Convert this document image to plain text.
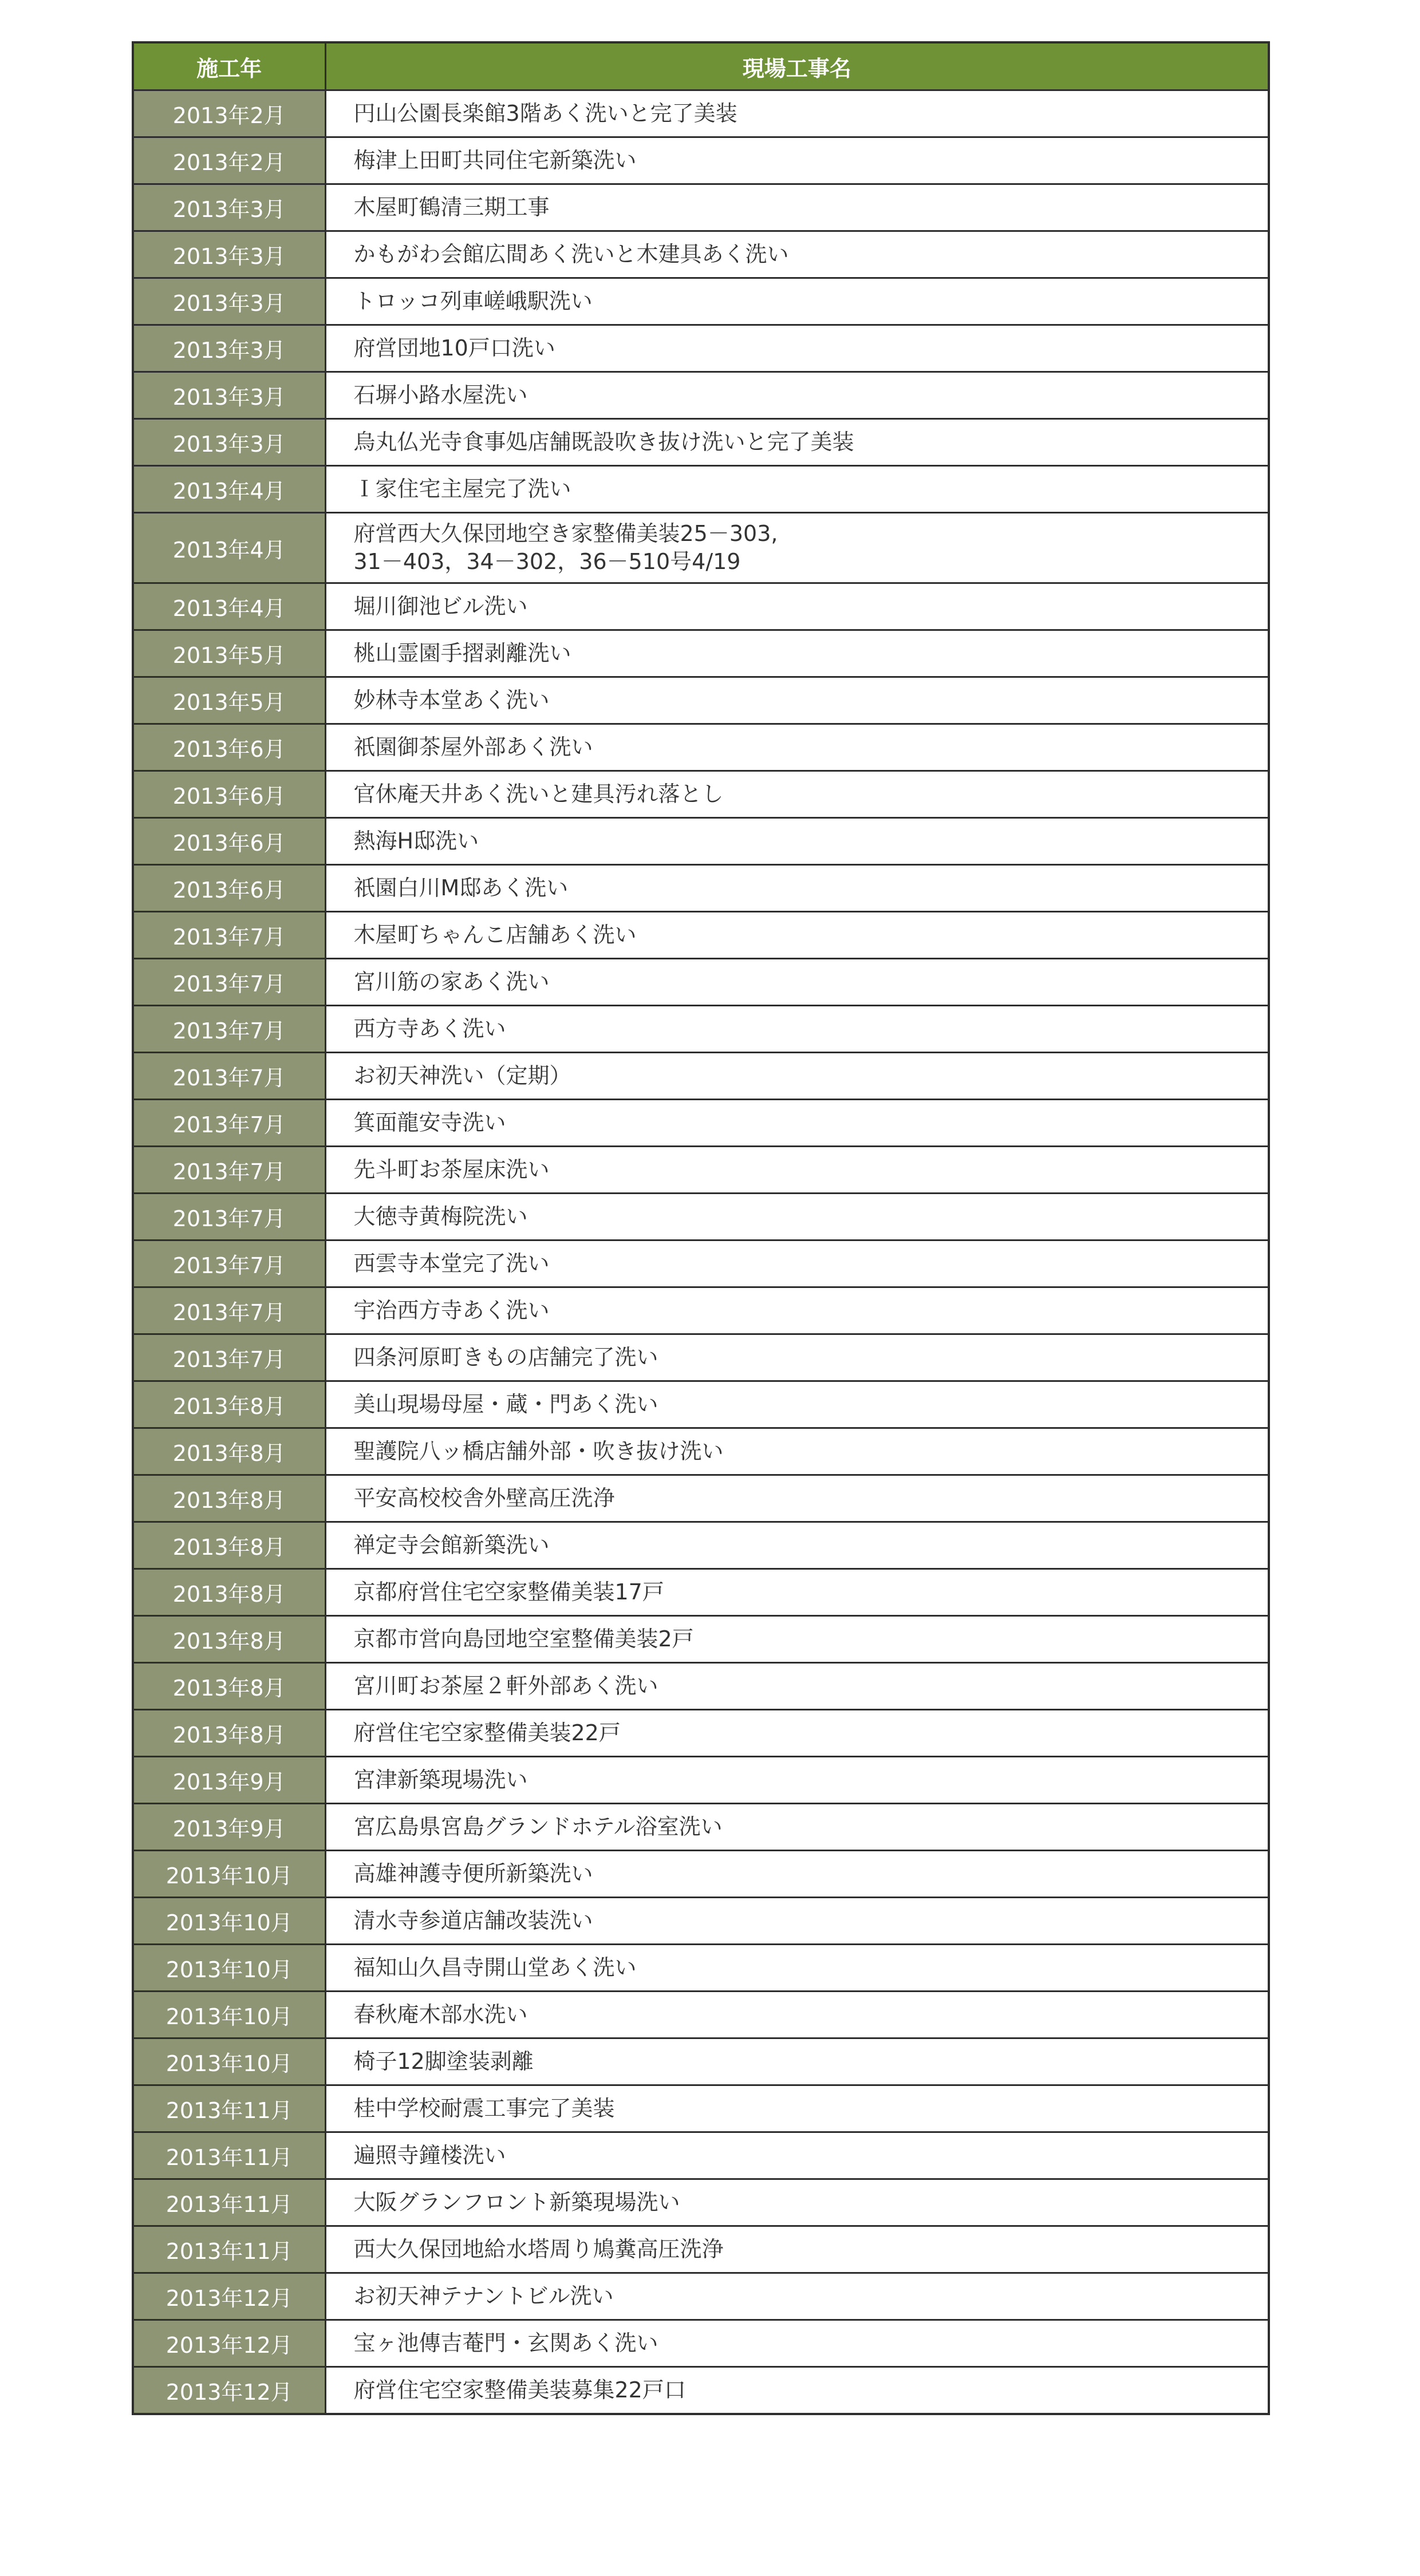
施工年	現場工事名
2013年2月	円山公園長楽館3階あく洗いと完了美装

2013年2月	梅津上田町共同住宅新築洗い

2013年3月	木屋町鶴清三期工事

2013年3月	かもがわ会館広間あく洗いと木建具あく洗い

2013年3月	トロッコ列車嵯峨駅洗い

2013年3月	府営団地10戸口洗い

2013年3月	石塀小路水屋洗い

2013年3月	烏丸仏光寺食事処店舗既設吹き抜け洗いと完了美装

2013年4月	Ｉ家住宅主屋完了洗い

2013年4月	府営西大久保団地空き家整備美装25－303,
31－403，34－302，36－510号4/19

2013年4月	堀川御池ビル洗い

2013年5月	桃山霊園手摺剥離洗い

2013年5月	妙林寺本堂あく洗い

2013年6月	祇園御茶屋外部あく洗い

2013年6月	官休庵天井あく洗いと建具汚れ落とし

2013年6月	熱海H邸洗い

2013年6月	祇園白川M邸あく洗い

2013年7月	木屋町ちゃんこ店舗あく洗い

2013年7月	宮川筋の家あく洗い

2013年7月	西方寺あく洗い

2013年7月	お初天神洗い（定期）

2013年7月	箕面龍安寺洗い

2013年7月	先斗町お茶屋床洗い

2013年7月	大徳寺黄梅院洗い

2013年7月	西雲寺本堂完了洗い

2013年7月	宇治西方寺あく洗い

2013年7月	四条河原町きもの店舗完了洗い

2013年8月	美山現場母屋・蔵・門あく洗い

2013年8月	聖護院八ッ橋店舗外部・吹き抜け洗い

2013年8月	平安高校校舎外壁高圧洗浄

2013年8月	禅定寺会館新築洗い

2013年8月	京都府営住宅空家整備美装17戸

2013年8月	京都市営向島団地空室整備美装2戸

2013年8月	宮川町お茶屋２軒外部あく洗い

2013年8月	府営住宅空家整備美装22戸

2013年9月	宮津新築現場洗い

2013年9月	宮広島県宮島グランドホテル浴室洗い

2013年10月	高雄神護寺便所新築洗い

2013年10月	清水寺参道店舗改装洗い

2013年10月	福知山久昌寺開山堂あく洗い

2013年10月	春秋庵木部水洗い

2013年10月	椅子12脚塗装剥離

2013年11月	桂中学校耐震工事完了美装

2013年11月	遍照寺鐘楼洗い

2013年11月	大阪グランフロント新築現場洗い

2013年11月	西大久保団地給水塔周り鳩糞高圧洗浄

2013年12月	お初天神テナントビル洗い

2013年12月	宝ヶ池傳吉菴門・玄関あく洗い

2013年12月	府営住宅空家整備美装募集22戸口
